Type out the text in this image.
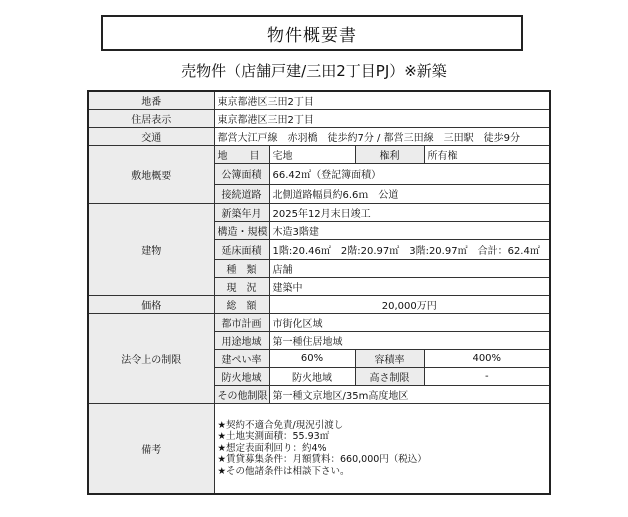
物件概要書
売物件（店舗戸建/三田2丁目PJ）※新築
地番	東京都港区三田2丁目			
住居表示	東京都港区三田2丁目			
交通	都営大江戸線　赤羽橋　徒歩約7分 / 都営三田線　三田駅　徒歩9分			
敷地概要	地　目	宅地	権利	所有権
	公簿面積	66.42㎡（登記簿面積）		
	接続道路	北側道路幅員約6.6ｍ　公道		
建物	新築年月	2025年12月末日竣工		
	構造・規模	木造3階建		
	延床面積	1階:20.46㎡　2階:20.97㎡　3階:20.97㎡　合計：62.4㎡		
	種　類	店舗		
	現　況	建築中		
価格	総　額	20,000万円		
法令上の制限	都市計画	市街化区域		
	用途地域	第一種住居地域		
	建ぺい率	60%	容積率	400%
	防火地域	防火地域	高さ制限	-
	その他制限	第一種文京地区/35m高度地区		
備考	★契約不適合免責/現況引渡し
★土地実測面積：55.93㎡
★想定表面利回り：約4%
★賃貸募集条件：月額賃料：660,000円（税込）
★その他諸条件は相談下さい。			
